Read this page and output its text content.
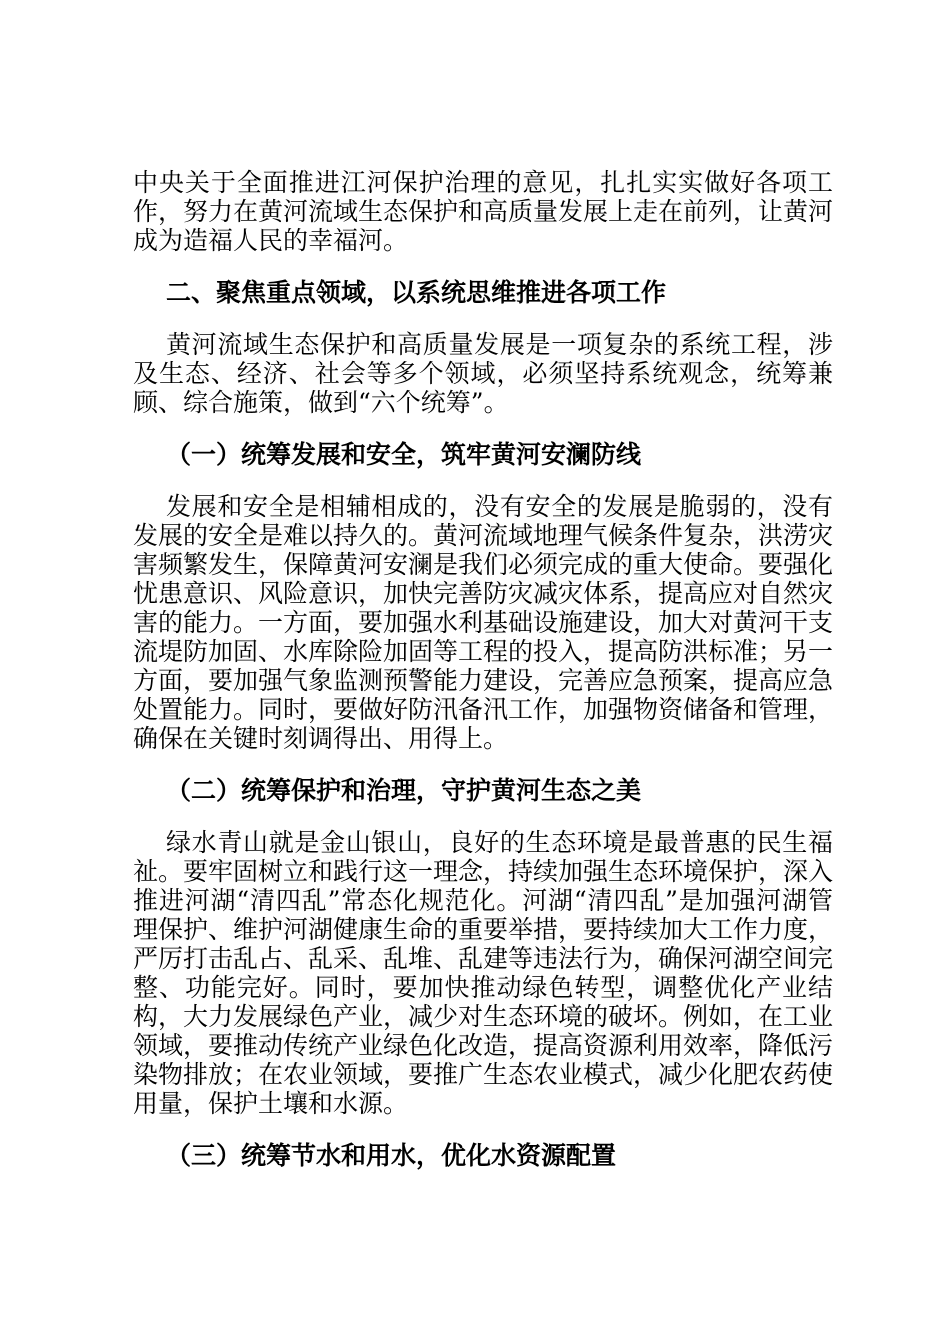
中央关于全面推进江河保护治理的意见，扎扎实实做好各项工作，努力在黄河流域生态保护和高质量发展上走在前列，让黄河成为造福人民的幸福河。

二、聚焦重点领域，以系统思维推进各项工作

黄河流域生态保护和高质量发展是一项复杂的系统工程，涉及生态、经济、社会等多个领域，必须坚持系统观念，统筹兼顾、综合施策，做到“六个统筹”。

（一）统筹发展和安全，筑牢黄河安澜防线

发展和安全是相辅相成的，没有安全的发展是脆弱的，没有发展的安全是难以持久的。黄河流域地理气候条件复杂，洪涝灾害频繁发生，保障黄河安澜是我们必须完成的重大使命。要强化忧患意识、风险意识，加快完善防灾减灾体系，提高应对自然灾害的能力。一方面，要加强水利基础设施建设，加大对黄河干支流堤防加固、水库除险加固等工程的投入，提高防洪标准；另一方面，要加强气象监测预警能力建设，完善应急预案，提高应急处置能力。同时，要做好防汛备汛工作，加强物资储备和管理，确保在关键时刻调得出、用得上。

（二）统筹保护和治理，守护黄河生态之美

绿水青山就是金山银山，良好的生态环境是最普惠的民生福祉。要牢固树立和践行这一理念，持续加强生态环境保护，深入推进河湖“清四乱”常态化规范化。河湖“清四乱”是加强河湖管理保护、维护河湖健康生命的重要举措，要持续加大工作力度，严厉打击乱占、乱采、乱堆、乱建等违法行为，确保河湖空间完整、功能完好。同时，要加快推动绿色转型，调整优化产业结构，大力发展绿色产业，减少对生态环境的破坏。例如，在工业领域，要推动传统产业绿色化改造，提高资源利用效率，降低污染物排放；在农业领域，要推广生态农业模式，减少化肥农药使用量，保护土壤和水源。

（三）统筹节水和用水，优化水资源配置
